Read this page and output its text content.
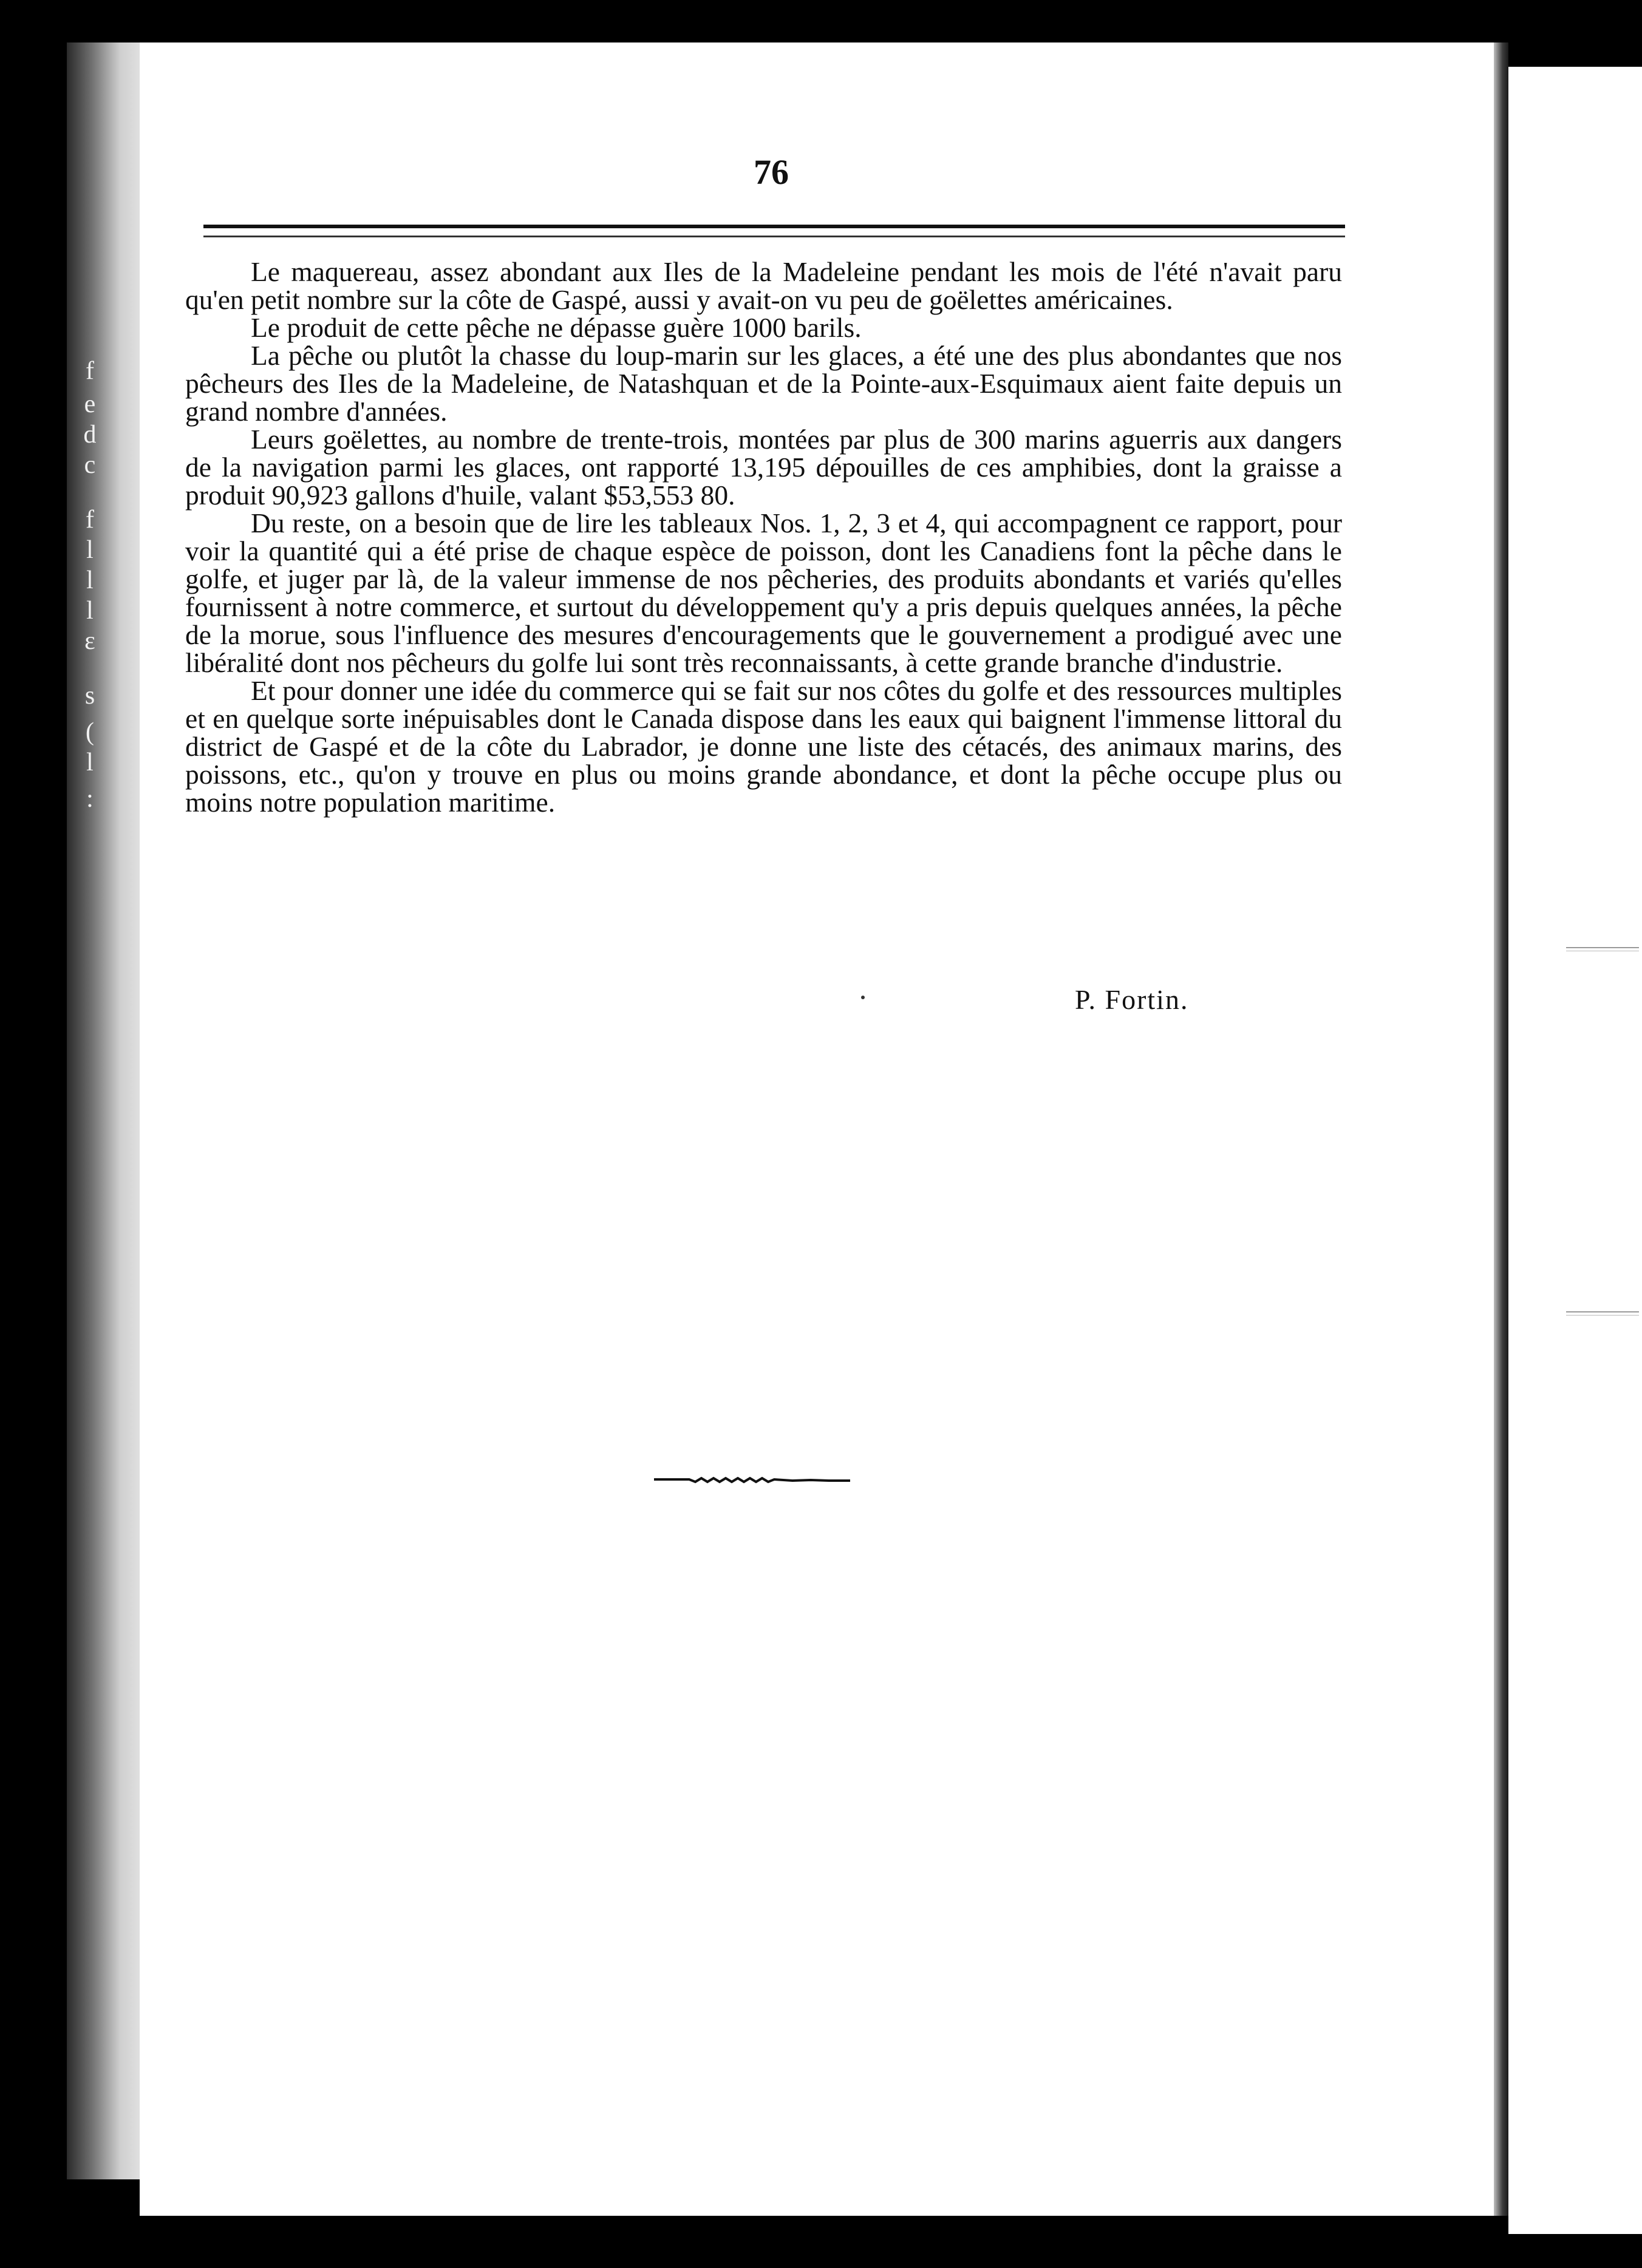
f
e
d
c
f
l
l
l
ɛ
s
(
l
:
76

Le maquereau, assez abondant aux Iles de la Madeleine pendant les mois de l'été n'avait paru qu'en petit nombre sur la côte de Gaspé, aussi y avait-on vu peu de goëlettes américaines.

Le produit de cette pêche ne dépasse guère 1000 barils.

La pêche ou plutôt la chasse du loup-marin sur les glaces, a été une des plus abondantes que nos pêcheurs des Iles de la Madeleine, de Natashquan et de la Pointe-aux-Esquimaux aient faite depuis un grand nombre d'années.

Leurs goëlettes, au nombre de trente-trois, montées par plus de 300 marins aguerris aux dangers de la navigation parmi les glaces, ont rapporté 13,195 dépouilles de ces amphibies, dont la graisse a produit 90,923 gallons d'huile, valant $53,553 80.

Du reste, on a besoin que de lire les tableaux Nos. 1, 2, 3 et 4, qui accompagnent ce rapport, pour voir la quantité qui a été prise de chaque espèce de poisson, dont les Canadiens font la pêche dans le golfe, et juger par là, de la valeur immense de nos pêcheries, des produits abondants et variés qu'elles fournissent à notre commerce, et surtout du développement qu'y a pris depuis quelques années, la pêche de la morue, sous l'influence des mesures d'encouragements que le gouvernement a prodigué avec une libéralité dont nos pêcheurs du golfe lui sont très reconnaissants, à cette grande branche d'industrie.

Et pour donner une idée du commerce qui se fait sur nos côtes du golfe et des ressources multiples et en quelque sorte inépuisables dont le Canada dispose dans les eaux qui baignent l'immense littoral du district de Gaspé et de la côte du Labrador, je donne une liste des cétacés, des animaux marins, des poissons, etc., qu'on y trouve en plus ou moins grande abondance, et dont la pêche occupe plus ou moins notre population maritime.

P. Fortin.
